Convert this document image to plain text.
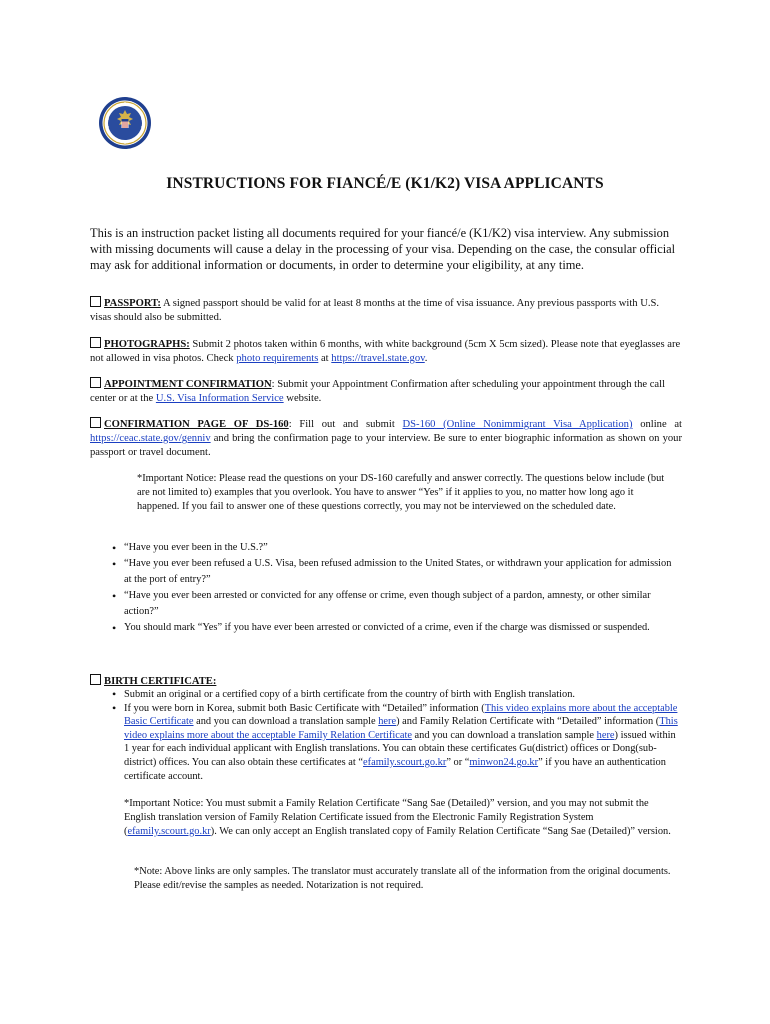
INSTRUCTIONS FOR FIANCÉ/E (K1/K2) VISA APPLICANTS
This is an instruction packet listing all documents required for your fiancé/e (K1/K2) visa interview. Any submission with missing documents will cause a delay in the processing of your visa. Depending on the case, the consular official may ask for additional information or documents, in order to determine your eligibility, at any time.
PASSPORT: A signed passport should be valid for at least 8 months at the time of visa issuance. Any previous passports with U.S. visas should also be submitted.
PHOTOGRAPHS: Submit 2 photos taken within 6 months, with white background (5cm X 5cm sized). Please note that eyeglasses are not allowed in visa photos. Check photo requirements at https://travel.state.gov.
APPOINTMENT CONFIRMATION: Submit your Appointment Confirmation after scheduling your appointment through the call center or at the U.S. Visa Information Service website.
CONFIRMATION PAGE OF DS-160: Fill out and submit DS-160 (Online Nonimmigrant Visa Application) online at https://ceac.state.gov/genniv and bring the confirmation page to your interview. Be sure to enter biographic information as shown on your passport or travel document.
*Important Notice: Please read the questions on your DS-160 carefully and answer correctly. The questions below include (but are not limited to) examples that you overlook. You have to answer “Yes” if it applies to you, no matter how long ago it happened. If you fail to answer one of these questions correctly, you may not be interviewed on the scheduled date.
• “Have you ever been in the U.S.?”
• “Have you ever been refused a U.S. Visa, been refused admission to the United States, or withdrawn your application for admission at the port of entry?”
• “Have you ever been arrested or convicted for any offense or crime, even though subject of a pardon, amnesty, or other similar action?”
• You should mark “Yes” if you have ever been arrested or convicted of a crime, even if the charge was dismissed or suspended.
BIRTH CERTIFICATE:
• Submit an original or a certified copy of a birth certificate from the country of birth with English translation.
• If you were born in Korea, submit both Basic Certificate with “Detailed” information (This video explains more about the acceptable Basic Certificate and you can download a translation sample here) and Family Relation Certificate with “Detailed” information (This video explains more about the acceptable Family Relation Certificate and you can download a translation sample here) issued within 1 year for each individual applicant with English translations. You can obtain these certificates Gu(district) offices or Dong(sub-district) offices. You can also obtain these certificates at “efamily.scourt.go.kr” or “minwon24.go.kr” if you have an authentication certificate account.
*Important Notice: You must submit a Family Relation Certificate “Sang Sae (Detailed)” version, and you may not submit the English translation version of Family Relation Certificate issued from the Electronic Family Registration System (efamily.scourt.go.kr). We can only accept an English translated copy of Family Relation Certificate “Sang Sae (Detailed)” version.
*Note: Above links are only samples. The translator must accurately translate all of the information from the original documents. Please edit/revise the samples as needed. Notarization is not required.
